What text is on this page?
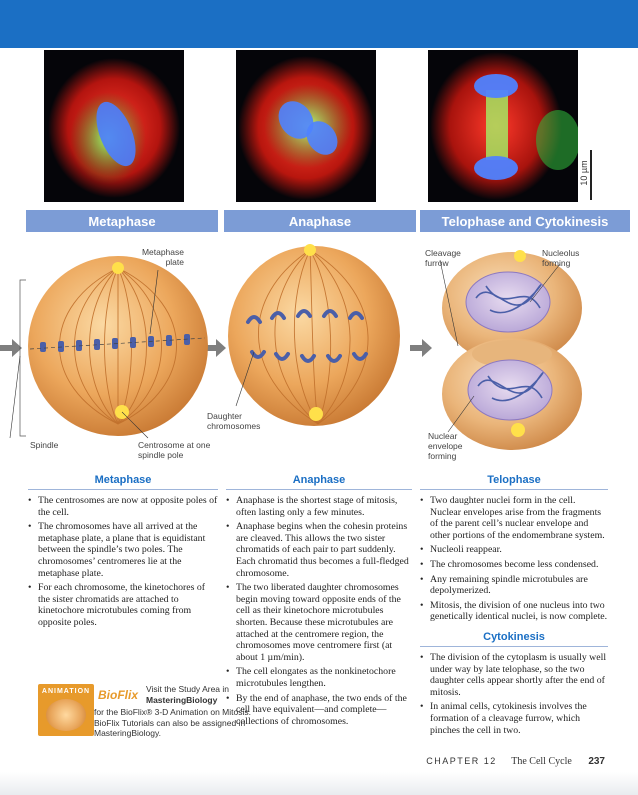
10 µm
Metaphase	Anaphase	Telophase and Cytokinesis
Metaphase plate
Spindle	Centrosome at one spindle pole
Daughter chromosomes
Cleavage furrow
Nucleolus forming
Nuclear envelope forming
Metaphase
• The centrosomes are now at opposite poles of the cell.
• The chromosomes have all arrived at the metaphase plate, a plane that is equidistant between the spindle’s two poles. The chromosomes’ centromeres lie at the metaphase plate.
• For each chromosome, the kinetochores of the sister chromatids are attached to kinetochore microtubules coming from opposite poles.
Anaphase
• Anaphase is the shortest stage of mitosis, often lasting only a few minutes.
• Anaphase begins when the cohesin proteins are cleaved. This allows the two sister chromatids of each pair to part suddenly. Each chromatid thus becomes a full-fledged chromosome.
• The two liberated daughter chromosomes begin moving toward opposite ends of the cell as their kinetochore microtubules shorten. Because these microtubules are attached at the centromere region, the chromosomes move centromere first (at about 1 µm/min).
• The cell elongates as the nonkinetochore microtubules lengthen.
• By the end of anaphase, the two ends of the cell have equivalent—and complete—collections of chromosomes.
Telophase
• Two daughter nuclei form in the cell. Nuclear envelopes arise from the fragments of the parent cell’s nuclear envelope and other portions of the endomembrane system.
• Nucleoli reappear.
• The chromosomes become less condensed.
• Any remaining spindle microtubules are depolymerized.
• Mitosis, the division of one nucleus into two genetically identical nuclei, is now complete.
Cytokinesis
• The division of the cytoplasm is usually well under way by late telophase, so the two daughter cells appear shortly after the end of mitosis.
• In animal cells, cytokinesis involves the formation of a cleavage furrow, which pinches the cell in two.
ANIMATION BioFlix Visit the Study Area in
MasteringBiology
for the BioFlix® 3-D Animation on Mitosis. BioFlix Tutorials can also be assigned in MasteringBiology.
CHAPTER 12 The Cell Cycle 237
